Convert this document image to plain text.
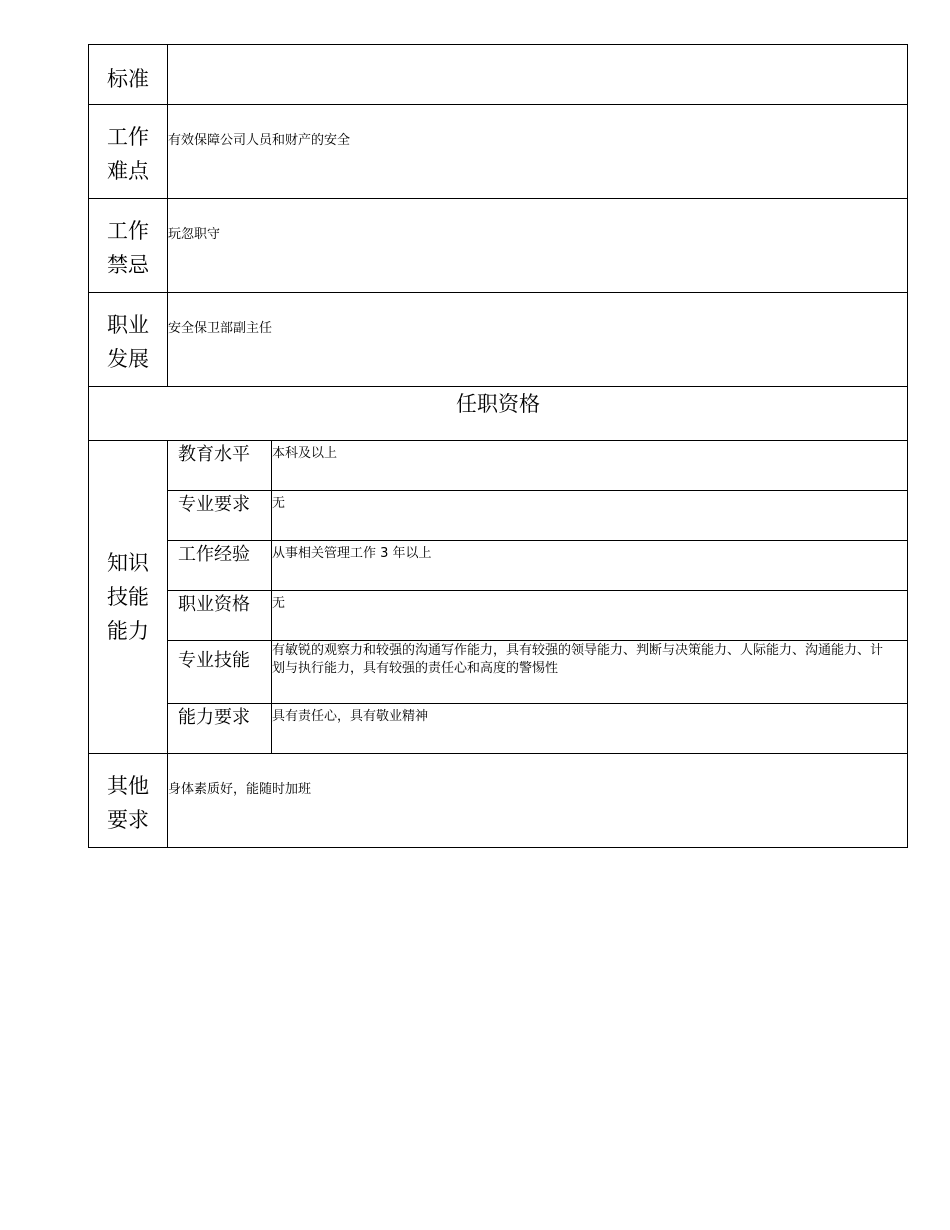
标准		

工作难点	有效保障公司人员和财产的安全	

工作禁忌	玩忽职守	

职业发展	安全保卫部副主任	

任职资格		
知识技能能力	教育水平	本科及以上
	专业要求	无
	工作经验	从事相关管理工作 3 年以上
	职业资格	无
	专业技能	有敏锐的观察力和较强的沟通写作能力，具有较强的领导能力、判断与决策能力、人际能力、沟通能力、计划与执行能力，具有较强的责任心和高度的警惕性
	能力要求	具有责任心，具有敬业精神
其他要求	身体素质好，能随时加班	
